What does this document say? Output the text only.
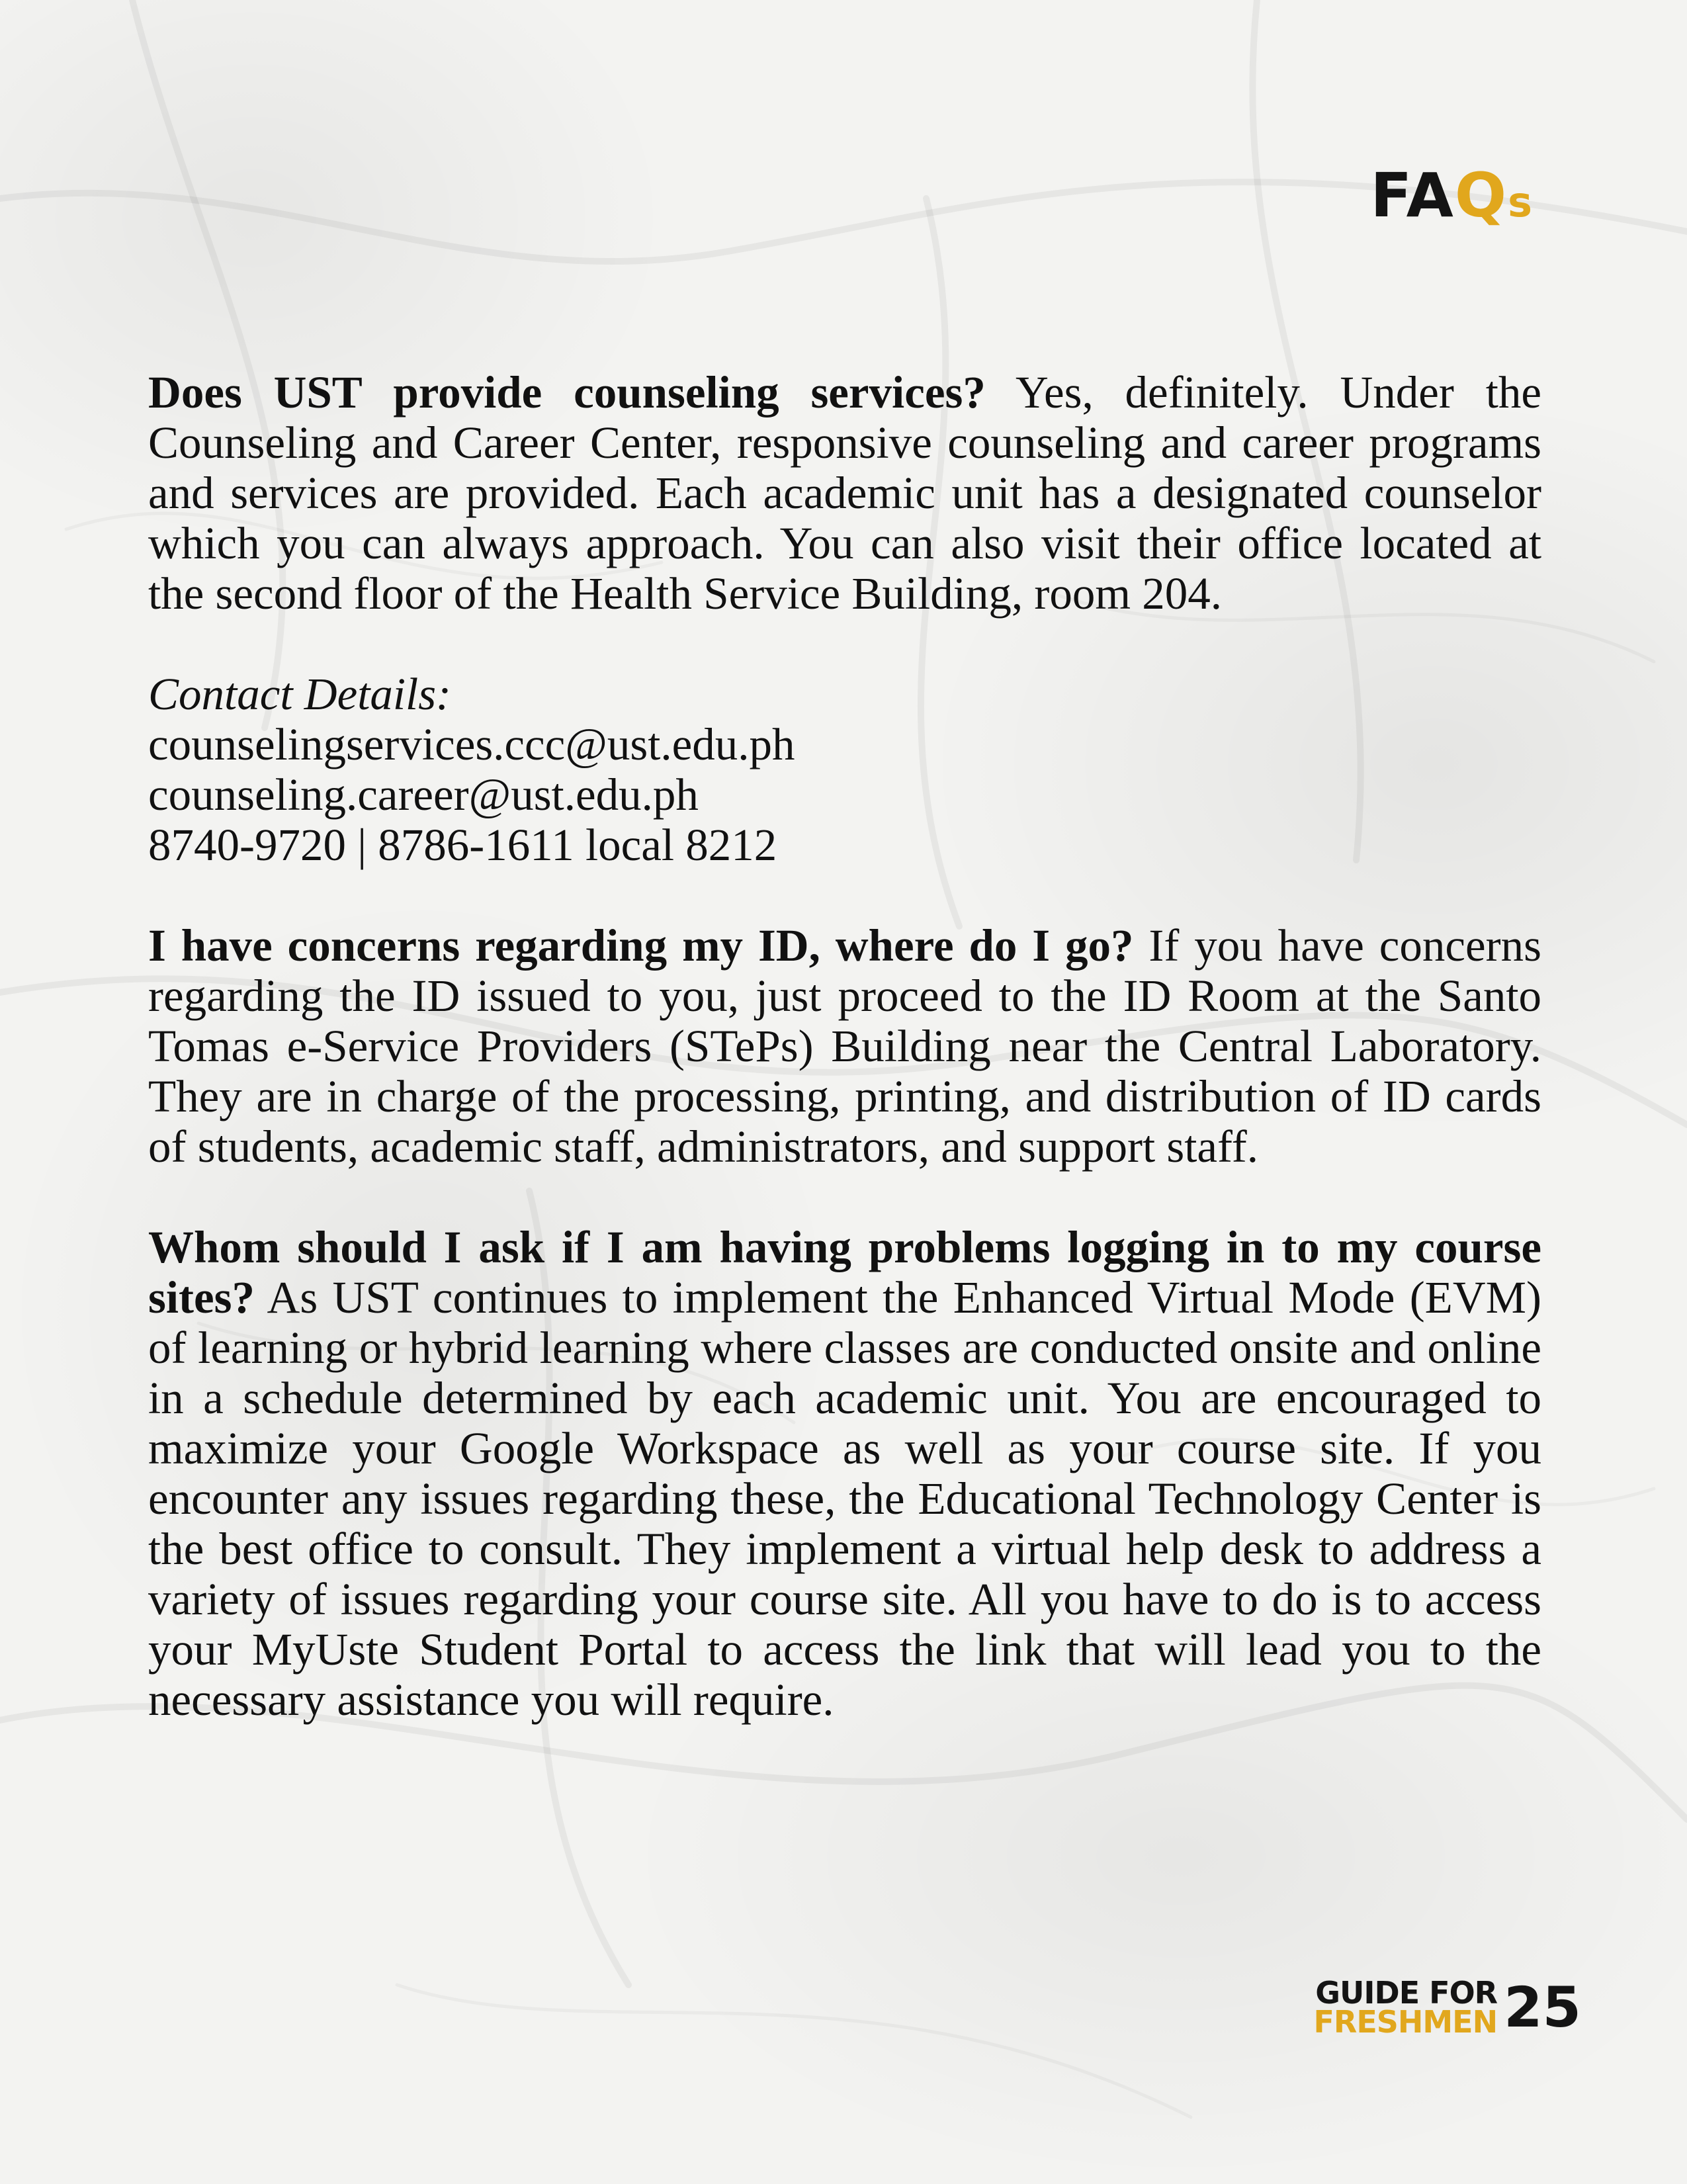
FAQs

Does UST provide counseling services? Yes, definitely. Under the Counseling and Career Center, responsive counseling and career programs and services are provided. Each academic unit has a designated counselor which you can always approach. You can also visit their office located at the second floor of the Health Service Building, room 204.

Contact Details:
counselingservices.ccc@ust.edu.ph
counseling.career@ust.edu.ph
8740-9720 | 8786-1611 local 8212

I have concerns regarding my ID, where do I go? If you have concerns regarding the ID issued to you, just proceed to the ID Room at the Santo Tomas e-Service Providers (STePs) Building near the Central Laboratory. They are in charge of the processing, printing, and distribution of ID cards of students, academic staff, administrators, and support staff.

Whom should I ask if I am having problems logging in to my course sites? As UST continues to implement the Enhanced Virtual Mode (EVM) of learning or hybrid learning where classes are conducted onsite and online in a schedule determined by each academic unit. You are encouraged to maximize your Google Workspace as well as your course site. If you encounter any issues regarding these, the Educational Technology Center is the best office to consult. They implement a virtual help desk to address a variety of issues regarding your course site. All you have to do is to access your MyUste Student Portal to access the link that will lead you to the necessary assistance you will require.

GUIDE FOR
FRESHMEN 25
